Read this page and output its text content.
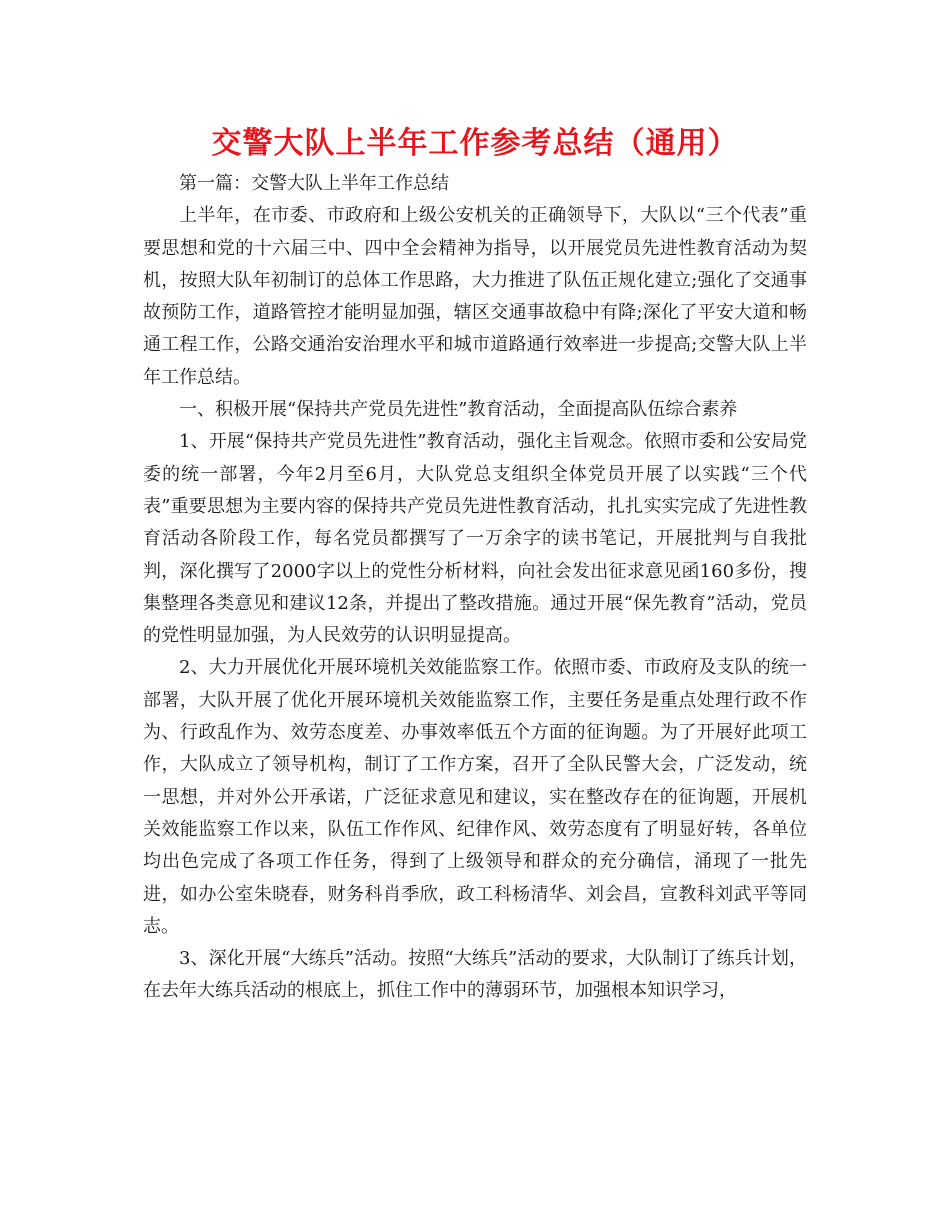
交警大队上半年工作参考总结（通用）

第一篇：交警大队上半年工作总结

上半年，在市委、市政府和上级公安机关的正确领导下，大队以“三个代表”重要思想和党的十六届三中、四中全会精神为指导，以开展党员先进性教育活动为契机，按照大队年初制订的总体工作思路，大力推进了队伍正规化建立;强化了交通事故预防工作，道路管控才能明显加强，辖区交通事故稳中有降;深化了平安大道和畅通工程工作，公路交通治安治理水平和城市道路通行效率进一步提高;交警大队上半年工作总结。

一、积极开展“保持共产党员先进性”教育活动，全面提高队伍综合素养

1、开展“保持共产党员先进性”教育活动，强化主旨观念。依照市委和公安局党委的统一部署，今年2月至6月，大队党总支组织全体党员开展了以实践“三个代表”重要思想为主要内容的保持共产党员先进性教育活动，扎扎实实完成了先进性教育活动各阶段工作，每名党员都撰写了一万余字的读书笔记，开展批判与自我批判，深化撰写了2000字以上的党性分析材料，向社会发出征求意见函160多份，搜集整理各类意见和建议12条，并提出了整改措施。通过开展“保先教育”活动，党员的党性明显加强，为人民效劳的认识明显提高。

2、大力开展优化开展环境机关效能监察工作。依照市委、市政府及支队的统一部署，大队开展了优化开展环境机关效能监察工作，主要任务是重点处理行政不作为、行政乱作为、效劳态度差、办事效率低五个方面的征询题。为了开展好此项工作，大队成立了领导机构，制订了工作方案，召开了全队民警大会，广泛发动，统一思想，并对外公开承诺，广泛征求意见和建议，实在整改存在的征询题，开展机关效能监察工作以来，队伍工作作风、纪律作风、效劳态度有了明显好转，各单位均出色完成了各项工作任务，得到了上级领导和群众的充分确信，涌现了一批先进，如办公室朱晓春，财务科肖季欣，政工科杨清华、刘会昌，宣教科刘武平等同志。

3、深化开展“大练兵”活动。按照“大练兵”活动的要求，大队制订了练兵计划，在去年大练兵活动的根底上，抓住工作中的薄弱环节，加强根本知识学习，
